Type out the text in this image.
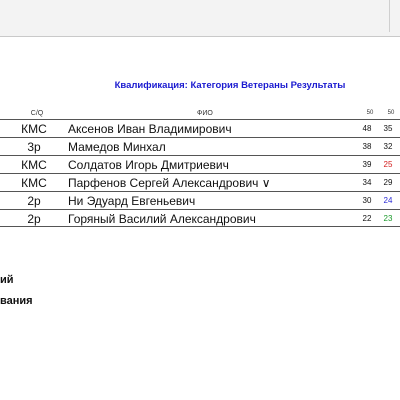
Квалификация: Категория Ветераны Результаты
C/Q	ФИО	50	50
КМС	Аксенов Иван Владимирович	48	35
3р	Мамедов Минхал	38	32
КМС	Солдатов Игорь Дмитриевич	39	25
КМС	Парфенов Сергей Александрович ∨	34	29
2р	Ни Эдуард Евгеньевич	30	24
2р	Горяный Василий Александрович	22	23
ий
вания
